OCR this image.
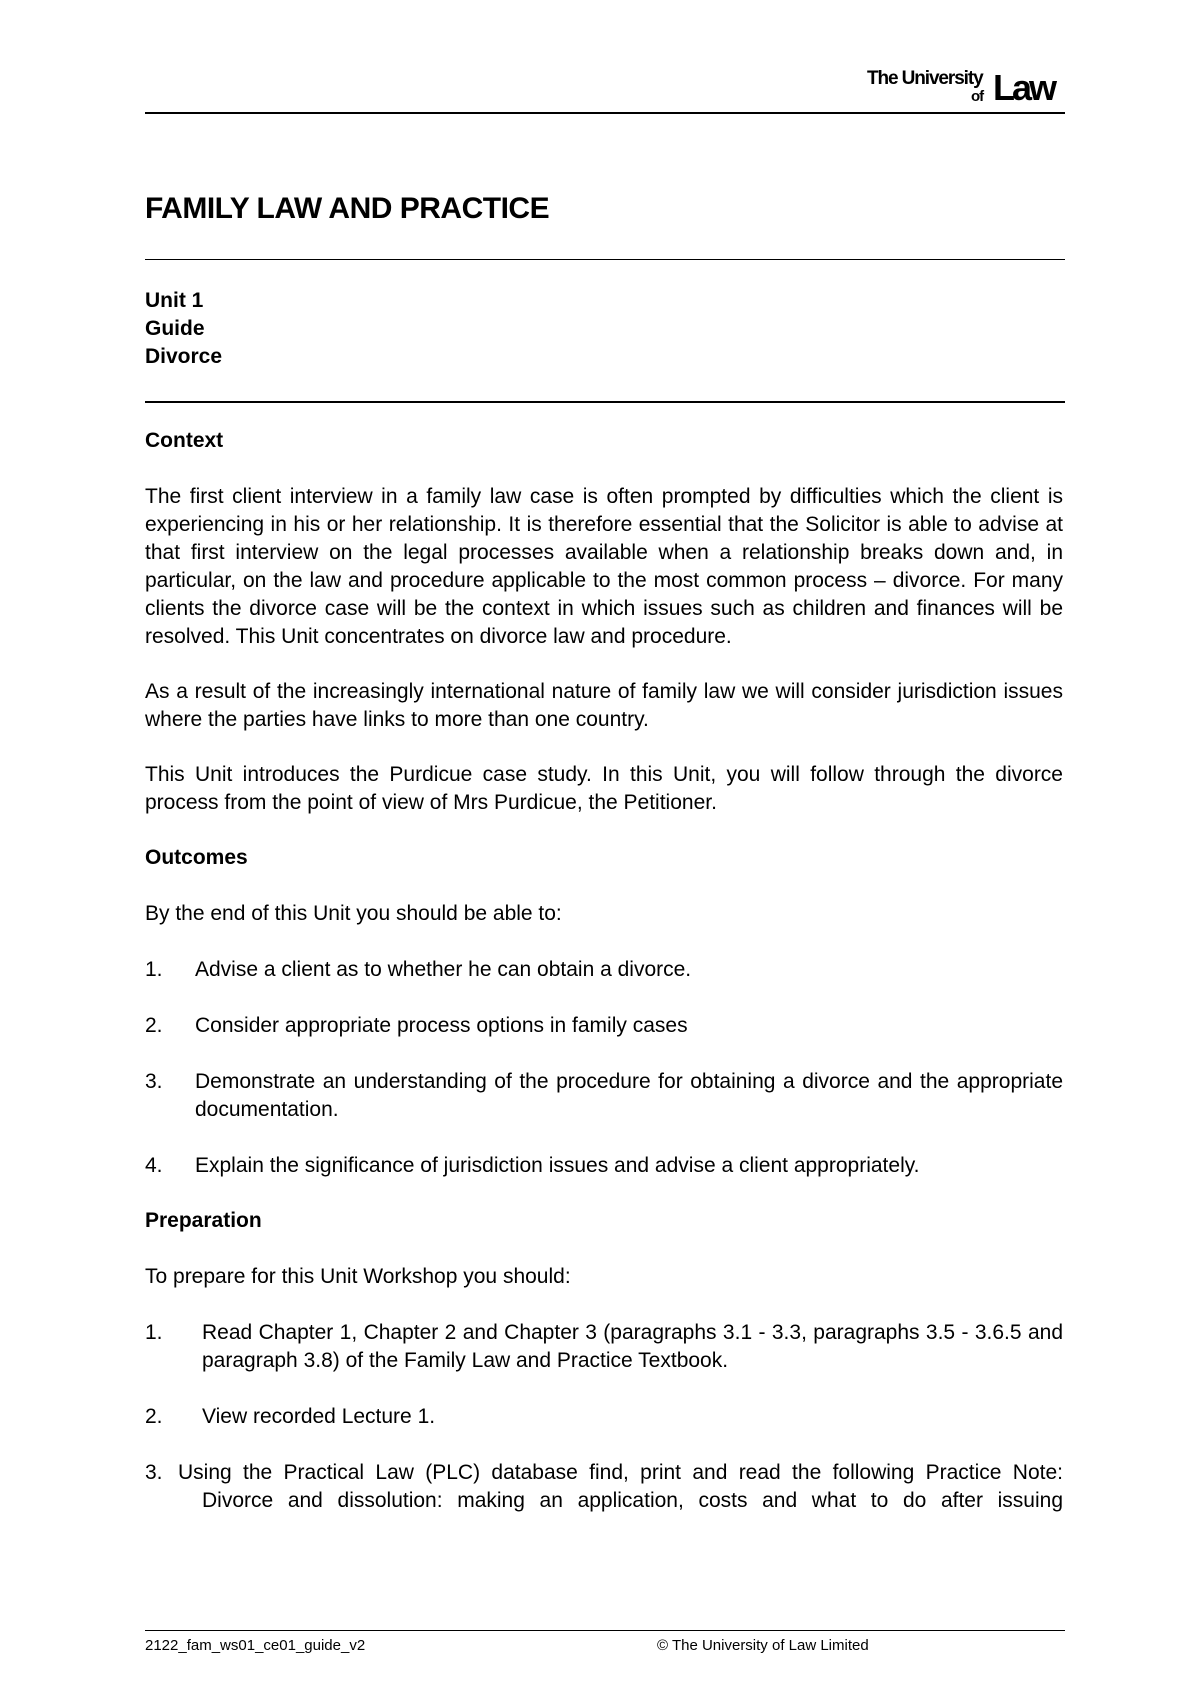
The University
of Law
FAMILY LAW AND PRACTICE
Unit 1
Guide
Divorce
Context

The first client interview in a family law case is often prompted by difficulties which the client is experiencing in his or her relationship. It is therefore essential that the Solicitor is able to advise at that first interview on the legal processes available when a relationship breaks down and, in particular, on the law and procedure applicable to the most common process – divorce. For many clients the divorce case will be the context in which issues such as children and finances will be resolved. This Unit concentrates on divorce law and procedure.

As a result of the increasingly international nature of family law we will consider jurisdiction issues where the parties have links to more than one country.

This Unit introduces the Purdicue case study. In this Unit, you will follow through the divorce process from the point of view of Mrs Purdicue, the Petitioner.

Outcomes

By the end of this Unit you should be able to:

1.	Advise a client as to whether he can obtain a divorce.
2.	Consider appropriate process options in family cases
3.	Demonstrate an understanding of the procedure for obtaining a divorce and the appropriate documentation.
4.	Explain the significance of jurisdiction issues and advise a client appropriately.
Preparation

To prepare for this Unit Workshop you should:

1.	Read Chapter 1, Chapter 2 and Chapter 3 (paragraphs 3.1 - 3.3, paragraphs 3.5 - 3.6.5 and paragraph 3.8) of the Family Law and Practice Textbook.
2.	View recorded Lecture 1.

3. Using the Practical Law (PLC) database find, print and read the following Practice Note: Divorce and dissolution: making an application, costs and what to do after issuing

2122_fam_ws01_ce01_guide_v2	© The University of Law Limited
